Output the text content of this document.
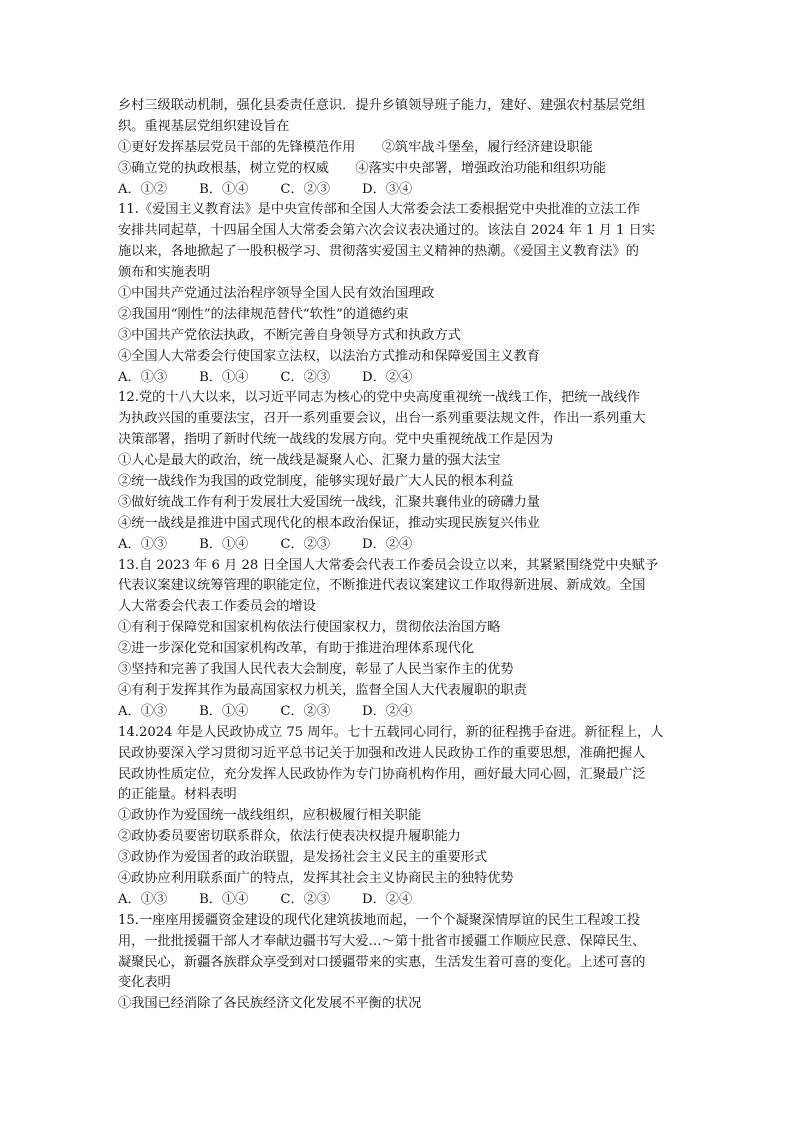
乡村三级联动机制，强化县委责任意识．提升乡镇领导班子能力，建好、建强农村基层党组
织。重视基层党组织建设旨在
①更好发挥基层党员干部的先锋模范作用　　②筑牢战斗堡垒，履行经济建设职能
③确立党的执政根基，树立党的权威　　④落实中央部署，增强政治功能和组织功能
A．①② B．①④ C．②③ D．③④
11.《爱国主义教育法》是中央宣传部和全国人大常委会法工委根据党中央批准的立法工作
安排共同起草，十四届全国人大常委会第六次会议表决通过的。该法自 2024 年 1 月 1 日实
施以来，各地掀起了一股积极学习、贯彻落实爱国主义精神的热潮。《爱国主义教育法》的
颁布和实施表明
①中国共产党通过法治程序领导全国人民有效治国理政
②我国用“刚性”的法律规范替代“软性”的道德约束
③中国共产党依法执政，不断完善自身领导方式和执政方式
④全国人大常委会行使国家立法权，以法治方式推动和保障爱国主义教育
A．①③ B．①④ C．②③ D．②④
12.党的十八大以来，以习近平同志为核心的党中央高度重视统一战线工作，把统一战线作
为执政兴国的重要法宝，召开一系列重要会议，出台一系列重要法规文件，作出一系列重大
决策部署，指明了新时代统一战线的发展方向。党中央重视统战工作是因为
①人心是最大的政治，统一战线是凝聚人心、汇聚力量的强大法宝
②统一战线作为我国的政党制度，能够实现好最广大人民的根本利益
③做好统战工作有利于发展壮大爱国统一战线，汇聚共襄伟业的磅礴力量
④统一战线是推进中国式现代化的根本政治保证，推动实现民族复兴伟业
A．①③ B．①④ C．②③ D．②④
13.自 2023 年 6 月 28 日全国人大常委会代表工作委员会设立以来，其紧紧围绕党中央赋予
代表议案建议统筹管理的职能定位，不断推进代表议案建议工作取得新进展、新成效。全国
人大常委会代表工作委员会的增设
①有利于保障党和国家机构依法行使国家权力，贯彻依法治国方略
②进一步深化党和国家机构改革，有助于推进治理体系现代化
③坚持和完善了我国人民代表大会制度，彰显了人民当家作主的优势
④有利于发挥其作为最高国家权力机关，监督全国人大代表履职的职责
A．①③ B．①④ C．②③ D．②④
14.2024 年是人民政协成立 75 周年。七十五载同心同行，新的征程携手奋进。新征程上，人
民政协要深入学习贯彻习近平总书记关于加强和改进人民政协工作的重要思想，准确把握人
民政协性质定位，充分发挥人民政协作为专门协商机构作用，画好最大同心圆，汇聚最广泛
的正能量。材料表明
①政协作为爱国统一战线组织，应积极履行相关职能
②政协委员要密切联系群众，依法行使表决权提升履职能力
③政协作为爱国者的政治联盟，是发扬社会主义民主的重要形式
④政协应利用联系面广的特点，发挥其社会主义协商民主的独特优势
A．①③ B．①④ C．②③ D．②④
15.一座座用援疆资金建设的现代化建筑拔地而起，一个个凝聚深情厚谊的民生工程竣工投
用，一批批援疆干部人才奉献边疆书写大爱…～第十批省市援疆工作顺应民意、保障民生、
凝聚民心，新疆各族群众享受到对口援疆带来的实惠，生活发生着可喜的变化。上述可喜的
变化表明
①我国已经消除了各民族经济文化发展不平衡的状况
